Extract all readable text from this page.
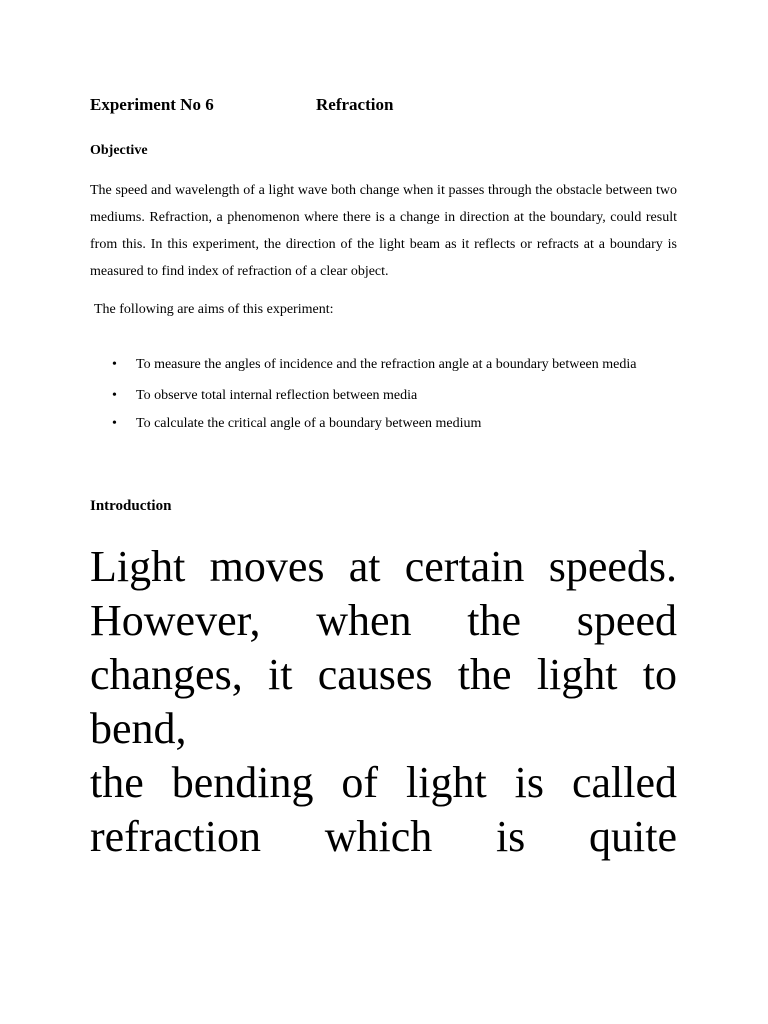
Experiment No 6	Refraction
Objective

The speed and wavelength of a light wave both change when it passes through the obstacle between two mediums. Refraction, a phenomenon where there is a change in direction at the boundary, could result from this. In this experiment, the direction of the light beam as it reflects or refracts at a boundary is measured to find index of refraction of a clear object.

The following are aims of this experiment:
• To measure the angles of incidence and the refraction angle at a boundary between media
• To observe total internal reflection between media
• To calculate the critical angle of a boundary between medium
Introduction
Light moves at certain speeds.
However, when the speed
changes, it causes the light to
bend,
the bending of light is called
refraction which is quite
